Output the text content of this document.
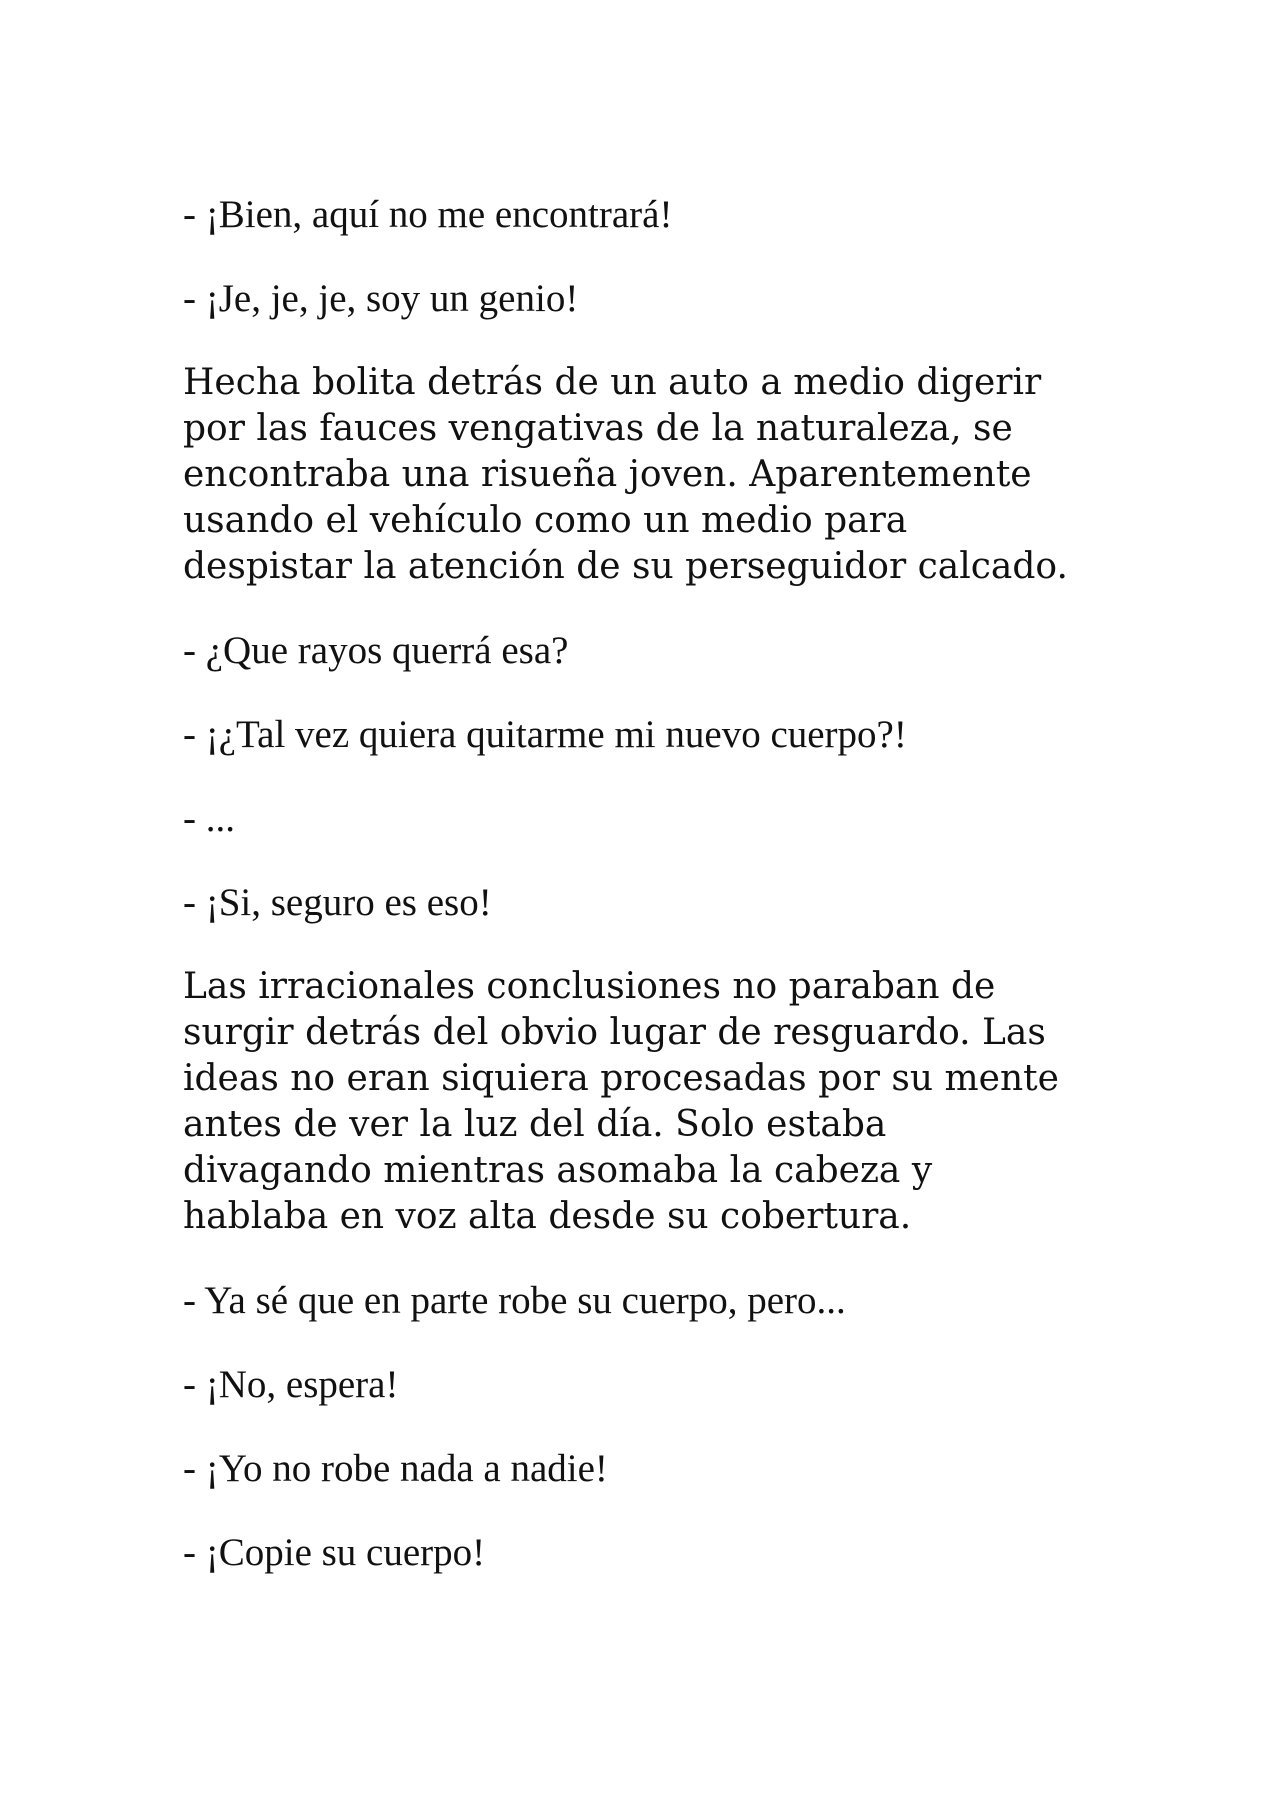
- ¡Bien, aquí no me encontrará!

- ¡Je, je, je, soy un genio!

Hecha bolita detrás de un auto a medio digerir
por las fauces vengativas de la naturaleza, se
encontraba una risueña joven. Aparentemente
usando el vehículo como un medio para
despistar la atención de su perseguidor calcado.

- ¿Que rayos querrá esa?

- ¡¿Tal vez quiera quitarme mi nuevo cuerpo?!

- ...

- ¡Si, seguro es eso!

Las irracionales conclusiones no paraban de
surgir detrás del obvio lugar de resguardo. Las
ideas no eran siquiera procesadas por su mente
antes de ver la luz del día. Solo estaba
divagando mientras asomaba la cabeza y
hablaba en voz alta desde su cobertura.

- Ya sé que en parte robe su cuerpo, pero...

- ¡No, espera!

- ¡Yo no robe nada a nadie!

- ¡Copie su cuerpo!
